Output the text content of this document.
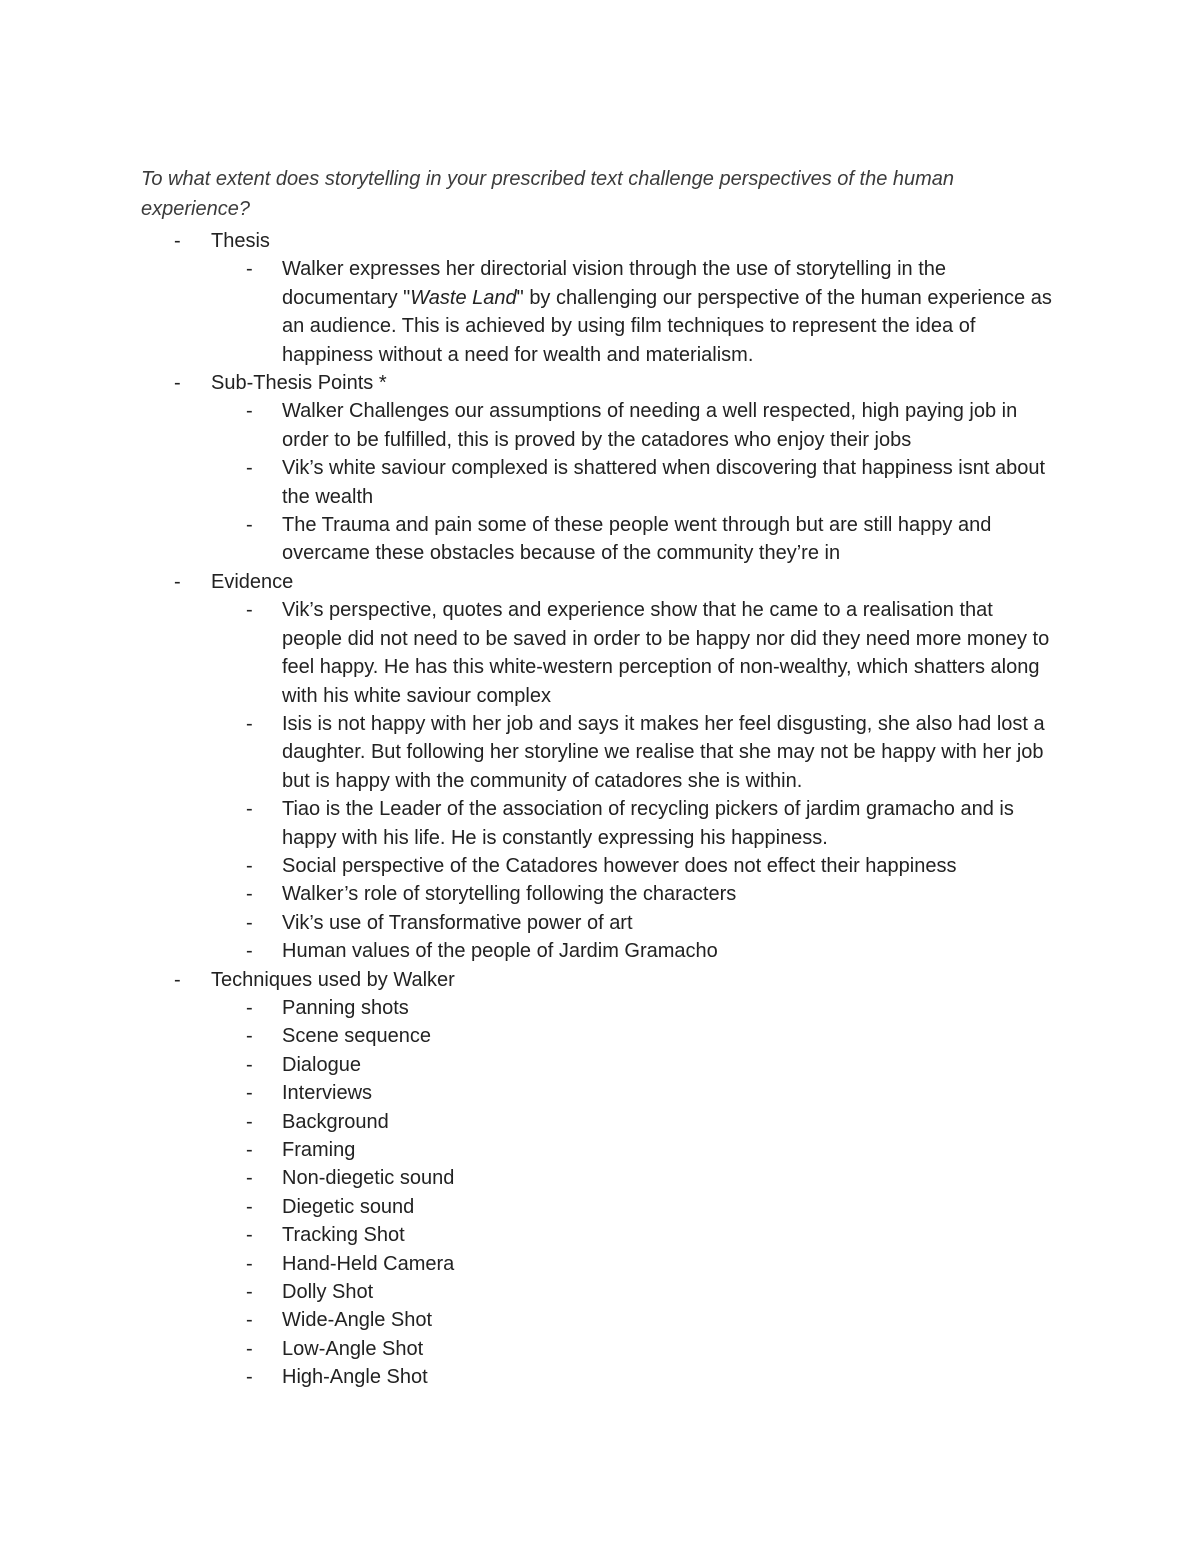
To what extent does storytelling in your prescribed text challenge perspectives of the human experience?

- Thesis
- Walker expresses her directorial vision through the use of storytelling in the documentary "Waste Land" by challenging our perspective of the human experience as an audience. This is achieved by using film techniques to represent the idea of happiness without a need for wealth and materialism.
- Sub-Thesis Points *
- Walker Challenges our assumptions of needing a well respected, high paying job in order to be fulfilled, this is proved by the catadores who enjoy their jobs
- Vik’s white saviour complexed is shattered when discovering that happiness isnt about the wealth
- The Trauma and pain some of these people went through but are still happy and overcame these obstacles because of the community they’re in
- Evidence
- Vik’s perspective, quotes and experience show that he came to a realisation that people did not need to be saved in order to be happy nor did they need more money to feel happy. He has this white-western perception of non-wealthy, which shatters along with his white saviour complex
- Isis is not happy with her job and says it makes her feel disgusting, she also had lost a daughter. But following her storyline we realise that she may not be happy with her job but is happy with the community of catadores she is within.
- Tiao is the Leader of the association of recycling pickers of jardim gramacho and is happy with his life. He is constantly expressing his happiness.
- Social perspective of the Catadores however does not effect their happiness
- Walker’s role of storytelling following the characters
- Vik’s use of Transformative power of art
- Human values of the people of Jardim Gramacho
- Techniques used by Walker
- Panning shots
- Scene sequence
- Dialogue
- Interviews
- Background
- Framing
- Non-diegetic sound
- Diegetic sound
- Tracking Shot
- Hand-Held Camera
- Dolly Shot
- Wide-Angle Shot
- Low-Angle Shot
- High-Angle Shot
